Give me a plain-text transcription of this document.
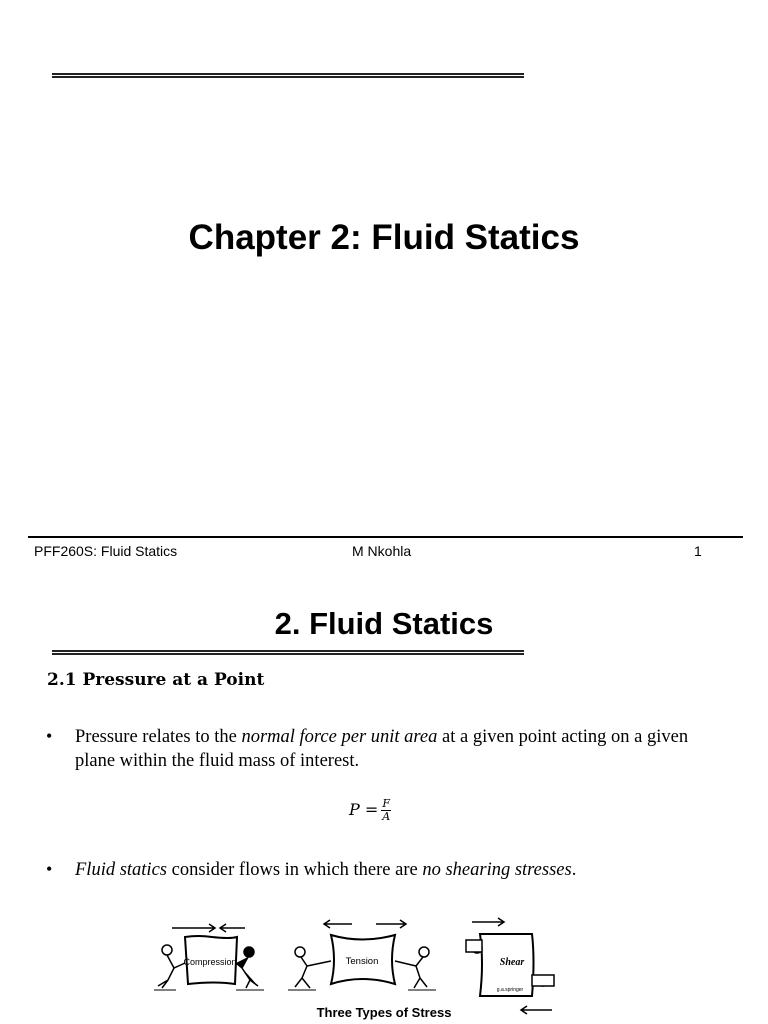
Chapter 2: Fluid Statics
PFF260S: Fluid Statics	M Nkohla	1
2. Fluid Statics
2.1 Pressure at a Point
• Pressure relates to the normal force per unit area at a given point acting on a given plane within the fluid mass of interest.
$P = \frac{F}{A}$
• Fluid statics consider flows in which there are no shearing stresses.
Compression	Tension	Shear
g.a.springer
Three Types of Stress
